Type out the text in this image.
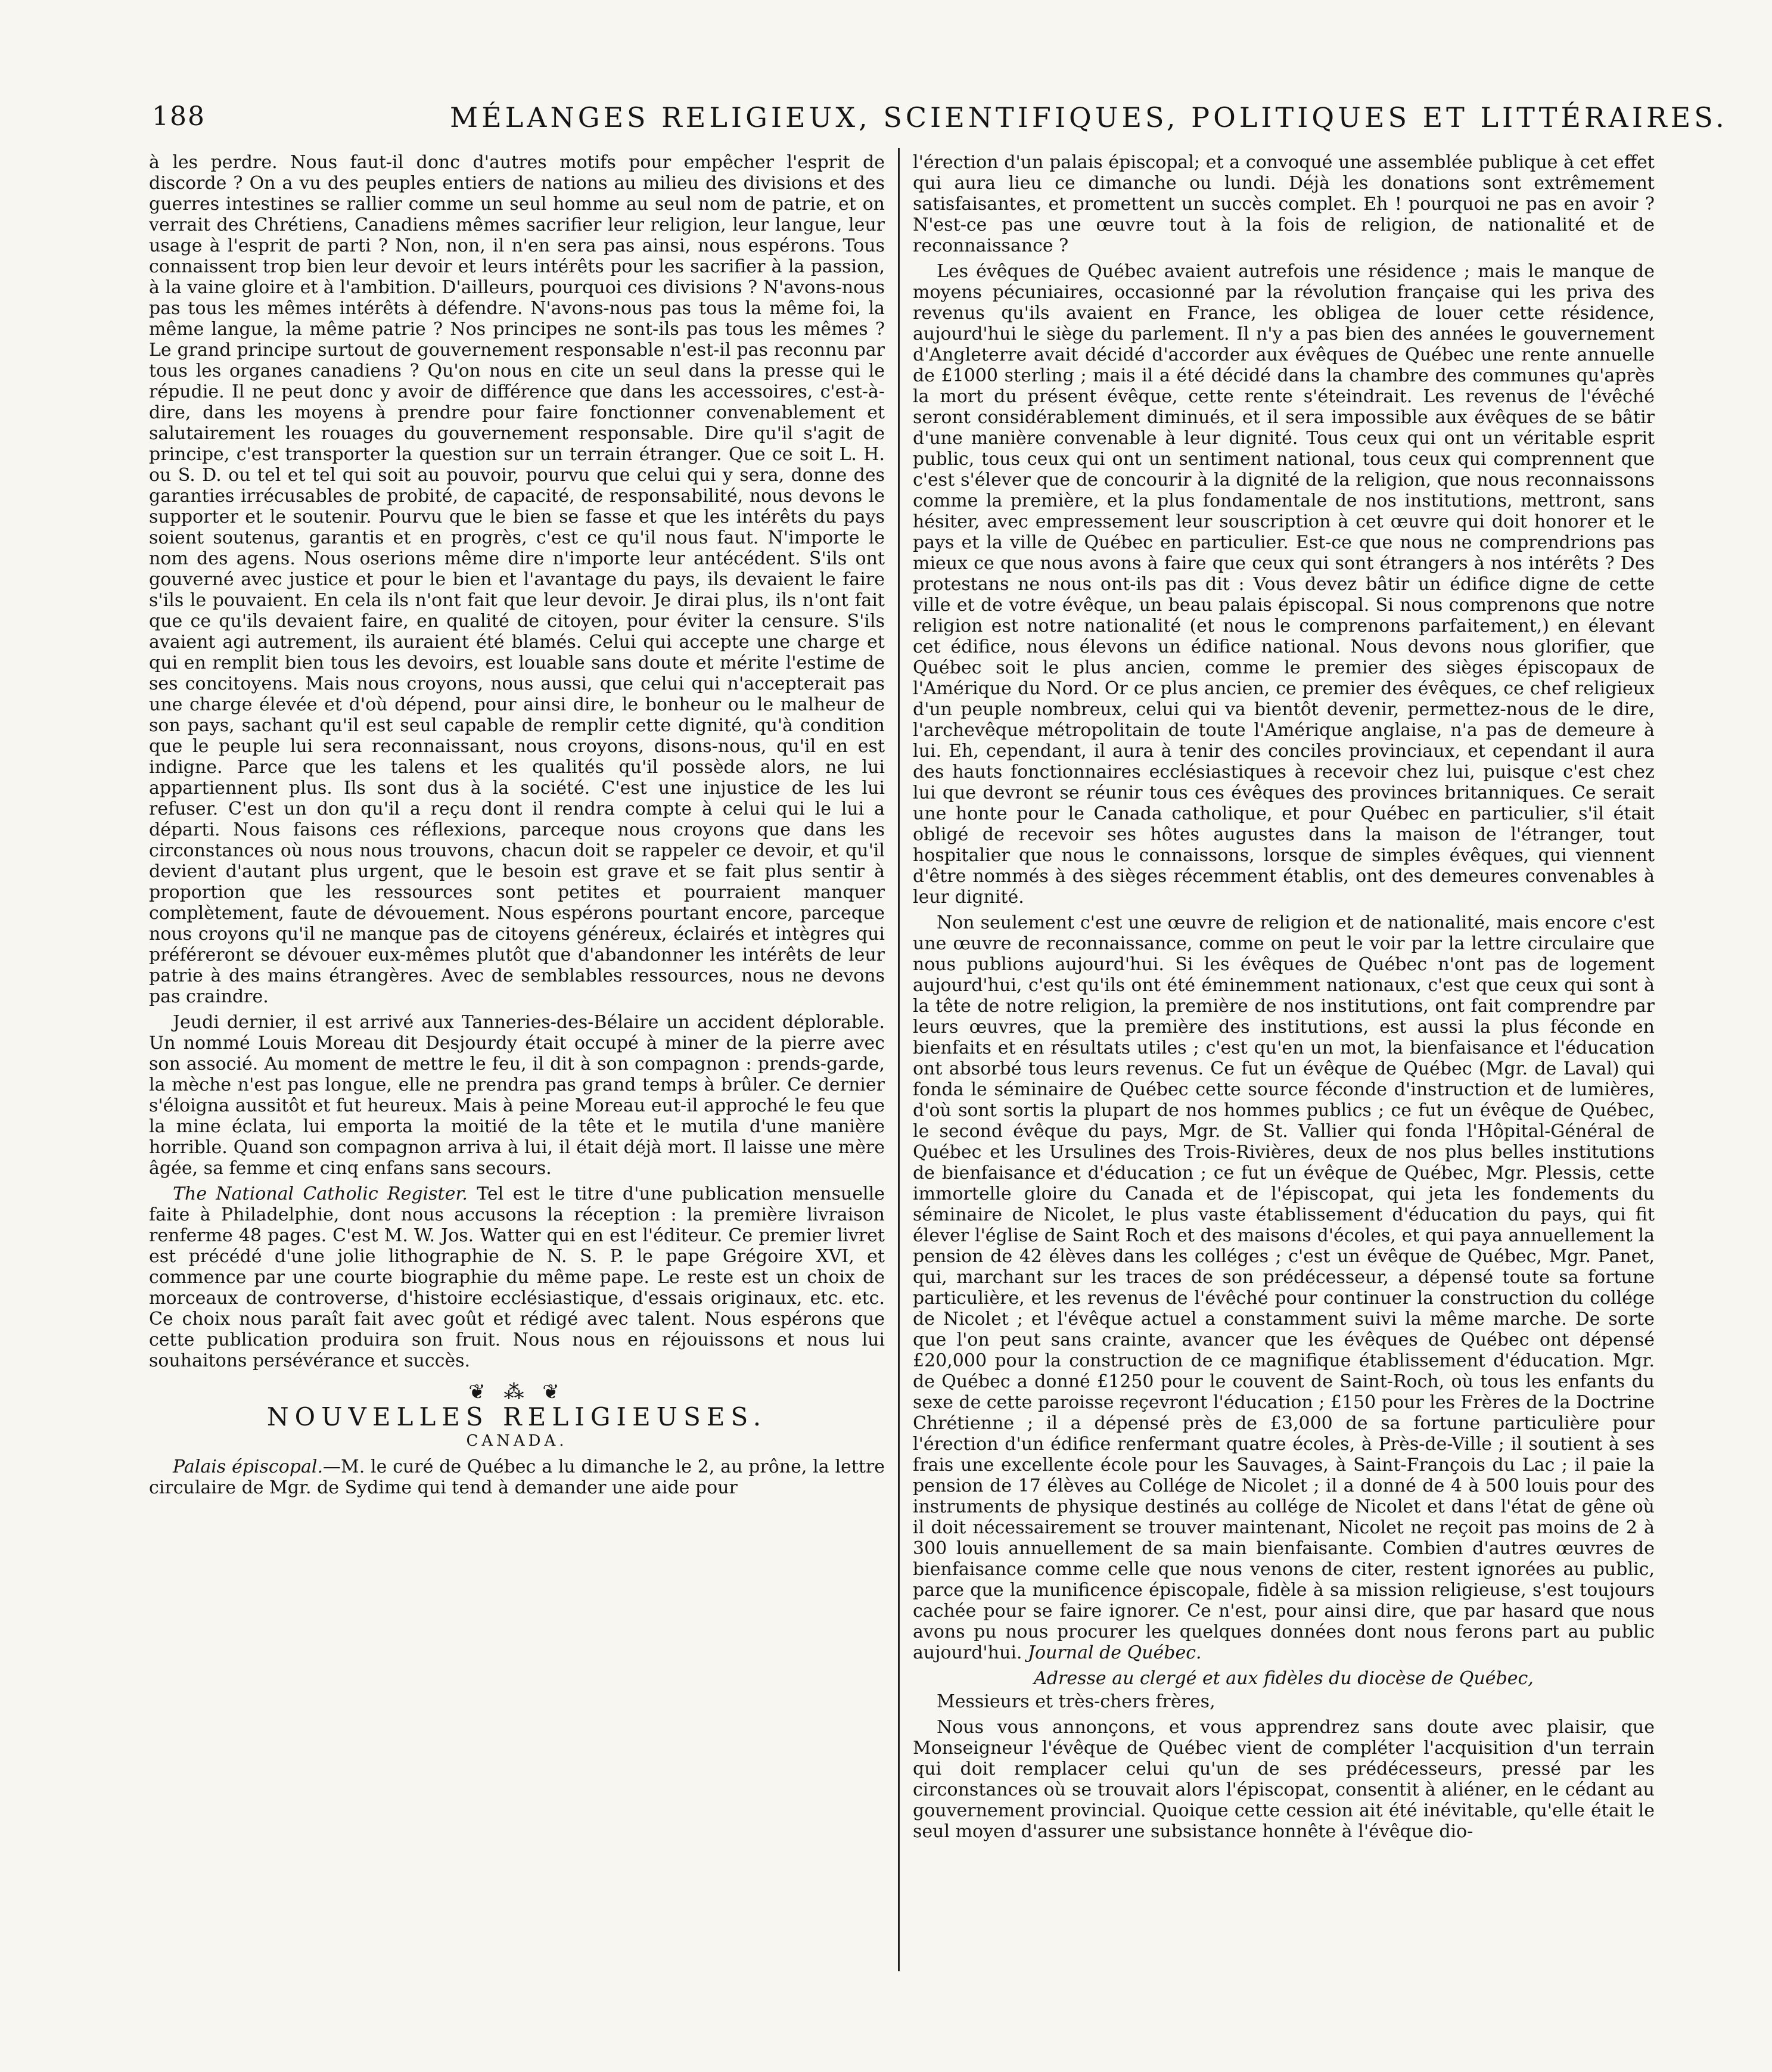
188	MÉLANGES RELIGIEUX, SCIENTIFIQUES, POLITIQUES ET LITTÉRAIRES.

à les perdre. Nous faut-il donc d'autres motifs pour empêcher l'esprit de discorde ? On a vu des peuples entiers de nations au milieu des divisions et des guerres intestines se rallier comme un seul homme au seul nom de patrie, et on verrait des Chrétiens, Canadiens mêmes sacrifier leur religion, leur langue, leur usage à l'esprit de parti ? Non, non, il n'en sera pas ainsi, nous espérons. Tous connaissent trop bien leur devoir et leurs intérêts pour les sacrifier à la passion, à la vaine gloire et à l'ambition. D'ailleurs, pourquoi ces divisions ? N'avons-nous pas tous les mêmes intérêts à défendre. N'avons-nous pas tous la même foi, la même langue, la même patrie ? Nos principes ne sont-ils pas tous les mêmes ? Le grand principe surtout de gouvernement responsable n'est-il pas reconnu par tous les organes canadiens ? Qu'on nous en cite un seul dans la presse qui le répudie. Il ne peut donc y avoir de différence que dans les accessoires, c'est-à-dire, dans les moyens à prendre pour faire fonctionner convenablement et salutairement les rouages du gouvernement responsable. Dire qu'il s'agit de principe, c'est transporter la question sur un terrain étranger. Que ce soit L. H. ou S. D. ou tel et tel qui soit au pouvoir, pourvu que celui qui y sera, donne des garanties irrécusables de probité, de capacité, de responsabilité, nous devons le supporter et le soutenir. Pourvu que le bien se fasse et que les intérêts du pays soient soutenus, garantis et en progrès, c'est ce qu'il nous faut. N'importe le nom des agens. Nous oserions même dire n'importe leur antécédent. S'ils ont gouverné avec justice et pour le bien et l'avantage du pays, ils devaient le faire s'ils le pouvaient. En cela ils n'ont fait que leur devoir. Je dirai plus, ils n'ont fait que ce qu'ils devaient faire, en qualité de citoyen, pour éviter la censure. S'ils avaient agi autrement, ils auraient été blamés. Celui qui accepte une charge et qui en remplit bien tous les devoirs, est louable sans doute et mérite l'estime de ses concitoyens. Mais nous croyons, nous aussi, que celui qui n'accepterait pas une charge élevée et d'où dépend, pour ainsi dire, le bonheur ou le malheur de son pays, sachant qu'il est seul capable de remplir cette dignité, qu'à condition que le peuple lui sera reconnaissant, nous croyons, disons-nous, qu'il en est indigne. Parce que les talens et les qualités qu'il possède alors, ne lui appartiennent plus. Ils sont dus à la société. C'est une injustice de les lui refuser. C'est un don qu'il a reçu dont il rendra compte à celui qui le lui a départi. Nous faisons ces réflexions, parceque nous croyons que dans les circonstances où nous nous trouvons, chacun doit se rappeler ce devoir, et qu'il devient d'autant plus urgent, que le besoin est grave et se fait plus sentir à proportion que les ressources sont petites et pourraient manquer complètement, faute de dévouement. Nous espérons pourtant encore, parceque nous croyons qu'il ne manque pas de citoyens généreux, éclairés et intègres qui préféreront se dévouer eux-mêmes plutôt que d'abandonner les intérêts de leur patrie à des mains étrangères. Avec de semblables ressources, nous ne devons pas craindre.

Jeudi dernier, il est arrivé aux Tanneries-des-Bélaire un accident déplorable. Un nommé Louis Moreau dit Desjourdy était occupé à miner de la pierre avec son associé. Au moment de mettre le feu, il dit à son compagnon : prends-garde, la mèche n'est pas longue, elle ne prendra pas grand temps à brûler. Ce dernier s'éloigna aussitôt et fut heureux. Mais à peine Moreau eut-il approché le feu que la mine éclata, lui emporta la moitié de la tête et le mutila d'une manière horrible. Quand son compagnon arriva à lui, il était déjà mort. Il laisse une mère âgée, sa femme et cinq enfans sans secours.

The National Catholic Register. Tel est le titre d'une publication mensuelle faite à Philadelphie, dont nous accusons la réception : la première livraison renferme 48 pages. C'est M. W. Jos. Watter qui en est l'éditeur. Ce premier livret est précédé d'une jolie lithographie de N. S. P. le pape Grégoire XVI, et commence par une courte biographie du même pape. Le reste est un choix de morceaux de controverse, d'histoire ecclésiastique, d'essais originaux, etc. etc. Ce choix nous paraît fait avec goût et rédigé avec talent. Nous espérons que cette publication produira son fruit. Nous nous en réjouissons et nous lui souhaitons persévérance et succès.

❦ ⁂ ❦
NOUVELLES RELIGIEUSES.
CANADA.

Palais épiscopal.—M. le curé de Québec a lu dimanche le 2, au prône, la lettre circulaire de Mgr. de Sydime qui tend à demander une aide pour

l'érection d'un palais épiscopal; et a convoqué une assemblée publique à cet effet qui aura lieu ce dimanche ou lundi. Déjà les donations sont extrêmement satisfaisantes, et promettent un succès complet. Eh ! pourquoi ne pas en avoir ? N'est-ce pas une œuvre tout à la fois de religion, de nationalité et de reconnaissance ?

Les évêques de Québec avaient autrefois une résidence ; mais le manque de moyens pécuniaires, occasionné par la révolution française qui les priva des revenus qu'ils avaient en France, les obligea de louer cette résidence, aujourd'hui le siège du parlement. Il n'y a pas bien des années le gouvernement d'Angleterre avait décidé d'accorder aux évêques de Québec une rente annuelle de £1000 sterling ; mais il a été décidé dans la chambre des communes qu'après la mort du présent évêque, cette rente s'éteindrait. Les revenus de l'évêché seront considérablement diminués, et il sera impossible aux évêques de se bâtir d'une manière convenable à leur dignité. Tous ceux qui ont un véritable esprit public, tous ceux qui ont un sentiment national, tous ceux qui comprennent que c'est s'élever que de concourir à la dignité de la religion, que nous reconnaissons comme la première, et la plus fondamentale de nos institutions, mettront, sans hésiter, avec empressement leur souscription à cet œuvre qui doit honorer et le pays et la ville de Québec en particulier. Est-ce que nous ne comprendrions pas mieux ce que nous avons à faire que ceux qui sont étrangers à nos intérêts ? Des protestans ne nous ont-ils pas dit : Vous devez bâtir un édifice digne de cette ville et de votre évêque, un beau palais épiscopal. Si nous comprenons que notre religion est notre nationalité (et nous le comprenons parfaitement,) en élevant cet édifice, nous élevons un édifice national. Nous devons nous glorifier, que Québec soit le plus ancien, comme le premier des sièges épiscopaux de l'Amérique du Nord. Or ce plus ancien, ce premier des évêques, ce chef religieux d'un peuple nombreux, celui qui va bientôt devenir, permettez-nous de le dire, l'archevêque métropolitain de toute l'Amérique anglaise, n'a pas de demeure à lui. Eh, cependant, il aura à tenir des conciles provinciaux, et cependant il aura des hauts fonctionnaires ecclésiastiques à recevoir chez lui, puisque c'est chez lui que devront se réunir tous ces évêques des provinces britanniques. Ce serait une honte pour le Canada catholique, et pour Québec en particulier, s'il était obligé de recevoir ses hôtes augustes dans la maison de l'étranger, tout hospitalier que nous le connaissons, lorsque de simples évêques, qui viennent d'être nommés à des sièges récemment établis, ont des demeures convenables à leur dignité.

Non seulement c'est une œuvre de religion et de nationalité, mais encore c'est une œuvre de reconnaissance, comme on peut le voir par la lettre circulaire que nous publions aujourd'hui. Si les évêques de Québec n'ont pas de logement aujourd'hui, c'est qu'ils ont été éminemment nationaux, c'est que ceux qui sont à la tête de notre religion, la première de nos institutions, ont fait comprendre par leurs œuvres, que la première des institutions, est aussi la plus féconde en bienfaits et en résultats utiles ; c'est qu'en un mot, la bienfaisance et l'éducation ont absorbé tous leurs revenus. Ce fut un évêque de Québec (Mgr. de Laval) qui fonda le séminaire de Québec cette source féconde d'instruction et de lumières, d'où sont sortis la plupart de nos hommes publics ; ce fut un évêque de Québec, le second évêque du pays, Mgr. de St. Vallier qui fonda l'Hôpital-Général de Québec et les Ursulines des Trois-Rivières, deux de nos plus belles institutions de bienfaisance et d'éducation ; ce fut un évêque de Québec, Mgr. Plessis, cette immortelle gloire du Canada et de l'épiscopat, qui jeta les fondements du séminaire de Nicolet, le plus vaste établissement d'éducation du pays, qui fit élever l'église de Saint Roch et des maisons d'écoles, et qui paya annuellement la pension de 42 élèves dans les colléges ; c'est un évêque de Québec, Mgr. Panet, qui, marchant sur les traces de son prédécesseur, a dépensé toute sa fortune particulière, et les revenus de l'évêché pour continuer la construction du collége de Nicolet ; et l'évêque actuel a constamment suivi la même marche. De sorte que l'on peut sans crainte, avancer que les évêques de Québec ont dépensé £20,000 pour la construction de ce magnifique établissement d'éducation. Mgr. de Québec a donné £1250 pour le couvent de Saint-Roch, où tous les enfants du sexe de cette paroisse reçevront l'éducation ; £150 pour les Frères de la Doctrine Chrétienne ; il a dépensé près de £3,000 de sa fortune particulière pour l'érection d'un édifice renfermant quatre écoles, à Près-de-Ville ; il soutient à ses frais une excellente école pour les Sauvages, à Saint-François du Lac ; il paie la pension de 17 élèves au Collége de Nicolet ; il a donné de 4 à 500 louis pour des instruments de physique destinés au collége de Nicolet et dans l'état de gêne où il doit nécessairement se trouver maintenant, Nicolet ne reçoit pas moins de 2 à 300 louis annuellement de sa main bienfaisante. Combien d'autres œuvres de bienfaisance comme celle que nous venons de citer, restent ignorées au public, parce que la munificence épiscopale, fidèle à sa mission religieuse, s'est toujours cachée pour se faire ignorer. Ce n'est, pour ainsi dire, que par hasard que nous avons pu nous procurer les quelques données dont nous ferons part au public aujourd'hui. Journal de Québec.

Adresse au clergé et aux fidèles du diocèse de Québec,

Messieurs et très-chers frères,

Nous vous annonçons, et vous apprendrez sans doute avec plaisir, que Monseigneur l'évêque de Québec vient de compléter l'acquisition d'un terrain qui doit remplacer celui qu'un de ses prédécesseurs, pressé par les circonstances où se trouvait alors l'épiscopat, consentit à aliéner, en le cédant au gouvernement provincial. Quoique cette cession ait été inévitable, qu'elle était le seul moyen d'assurer une subsistance honnête à l'évêque dio-
